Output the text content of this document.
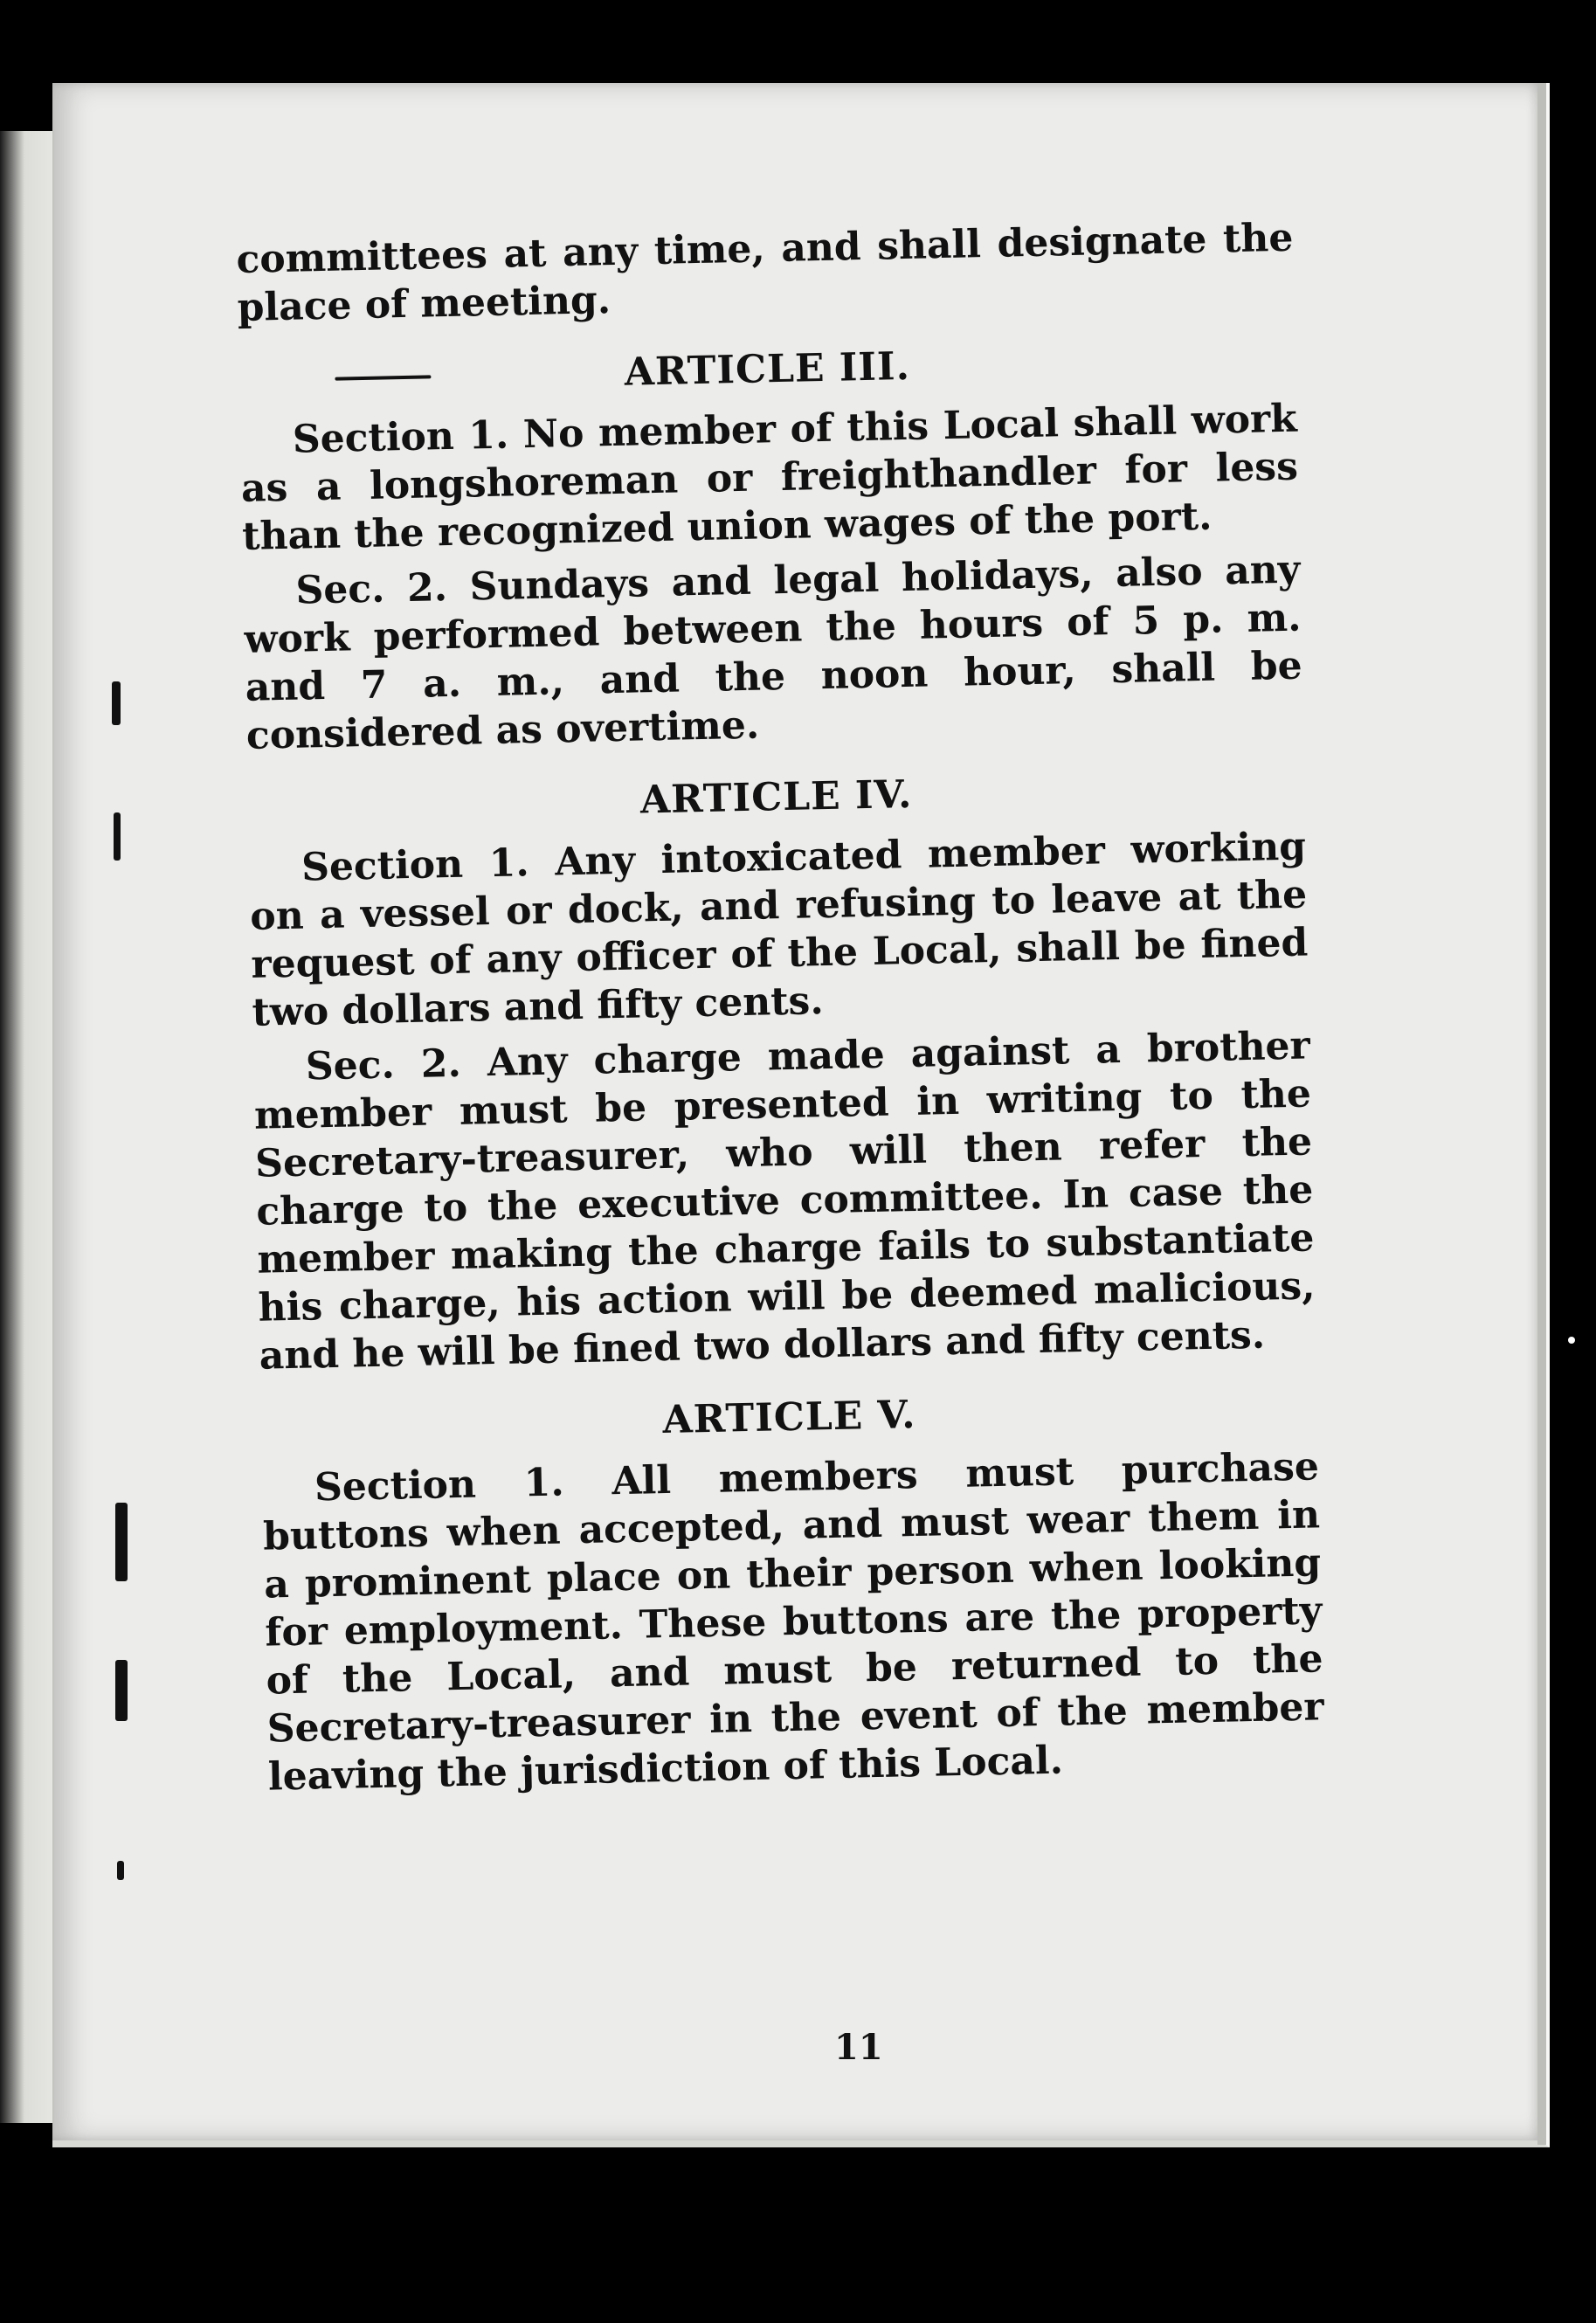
committees at any time, and shall designate the place of meeting.

ARTICLE III.

Section 1. No member of this Local shall work as a longshoreman or freighthandler for less than the recognized union wages of the port.

Sec. 2. Sundays and legal holidays, also any work performed between the hours of 5 p. m. and 7 a. m., and the noon hour, shall be considered as overtime.

ARTICLE IV.

Section 1. Any intoxicated member working on a vessel or dock, and refusing to leave at the request of any officer of the Local, shall be fined two dollars and fifty cents.

Sec. 2. Any charge made against a brother member must be presented in writing to the Secretary-treasurer, who will then refer the charge to the executive committee. In case the member making the charge fails to substantiate his charge, his action will be deemed malicious, and he will be fined two dollars and fifty cents.

ARTICLE V.

Section 1. All members must purchase buttons when accepted, and must wear them in a prominent place on their person when looking for employment. These buttons are the property of the Local, and must be returned to the Secretary-treasurer in the event of the member leaving the jurisdiction of this Local.

11
